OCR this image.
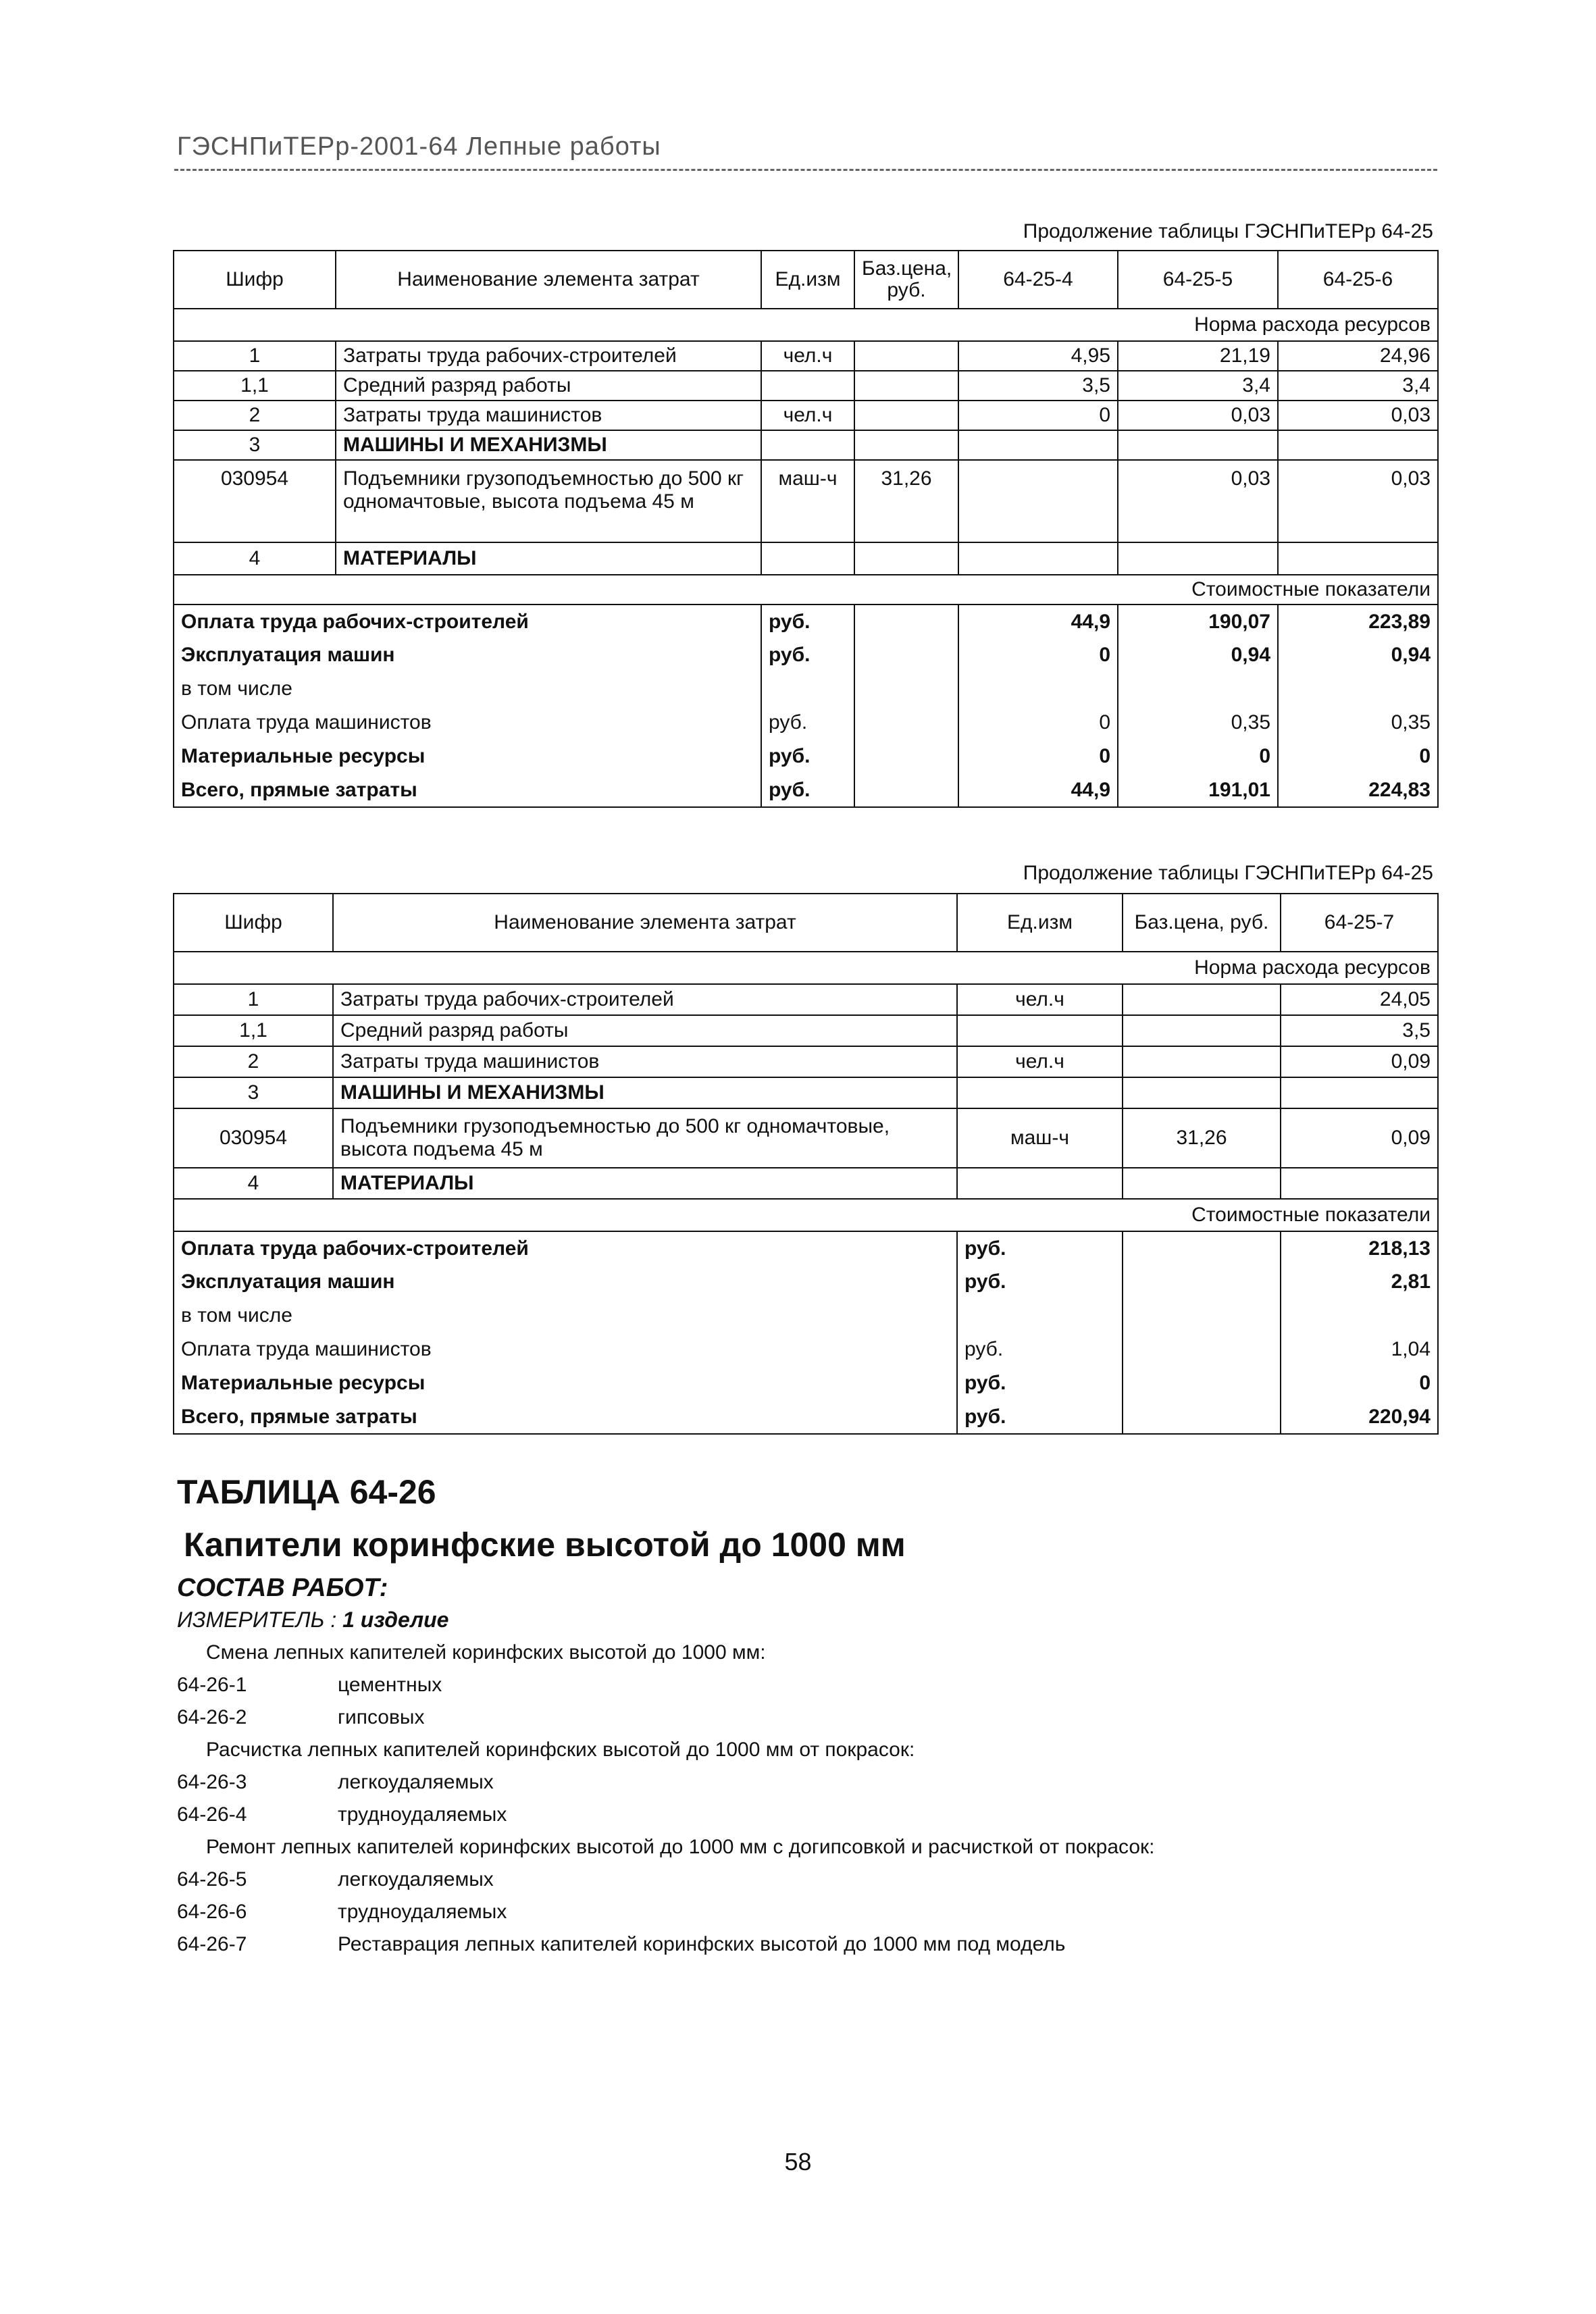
ГЭСНПиТЕРр-2001-64 Лепные работы
Продолжение таблицы ГЭСНПиТЕРр 64-25
Шифр	Наименование элемента затрат	Ед.изм	Баз.цена, руб.	64-25-4	64-25-5	64-25-6
Норма расхода ресурсов						
1	Затраты труда рабочих-строителей	чел.ч		4,95	21,19	24,96
1,1	Средний разряд работы			3,5	3,4	3,4
2	Затраты труда машинистов	чел.ч		0	0,03	0,03
3	МАШИНЫ И МЕХАНИЗМЫ					
030954	Подъемники грузоподъемностью до 500 кг одномачтовые, высота подъема 45 м	маш-ч	31,26		0,03	0,03
4	МАТЕРИАЛЫ					
Стоимостные показатели						
Оплата труда рабочих-строителей		руб.		44,9	190,07	223,89
Эксплуатация машин		руб.		0	0,94	0,94
в том числе						
Оплата труда машинистов		руб.		0	0,35	0,35
Материальные ресурсы		руб.		0	0	0
Всего, прямые затраты		руб.		44,9	191,01	224,83
Продолжение таблицы ГЭСНПиТЕРр 64-25
Шифр	Наименование элемента затрат	Ед.изм	Баз.цена, руб.	64-25-7
Норма расхода ресурсов				
1	Затраты труда рабочих-строителей	чел.ч		24,05
1,1	Средний разряд работы			3,5
2	Затраты труда машинистов	чел.ч		0,09
3	МАШИНЫ И МЕХАНИЗМЫ			
030954	Подъемники грузоподъемностью до 500 кг одномачтовые, высота подъема 45 м	маш-ч	31,26	0,09
4	МАТЕРИАЛЫ			
Стоимостные показатели				
Оплата труда рабочих-строителей		руб.		218,13
Эксплуатация машин		руб.		2,81
в том числе				
Оплата труда машинистов		руб.		1,04
Материальные ресурсы		руб.		0
Всего, прямые затраты		руб.		220,94
ТАБЛИЦА 64-26
Капители коринфские высотой до 1000 мм
СОСТАВ РАБОТ:
ИЗМЕРИТЕЛЬ : 1 изделие
Смена лепных капителей коринфских высотой до 1000 мм:
64-26-1	цементных
64-26-2	гипсовых
Расчистка лепных капителей коринфских высотой до 1000 мм от покрасок:
64-26-3	легкоудаляемых
64-26-4	трудноудаляемых
Ремонт лепных капителей коринфских высотой до 1000 мм с догипсовкой и расчисткой от покрасок:
64-26-5	легкоудаляемых
64-26-6	трудноудаляемых
64-26-7	Реставрация лепных капителей коринфских высотой до 1000 мм под модель
58
